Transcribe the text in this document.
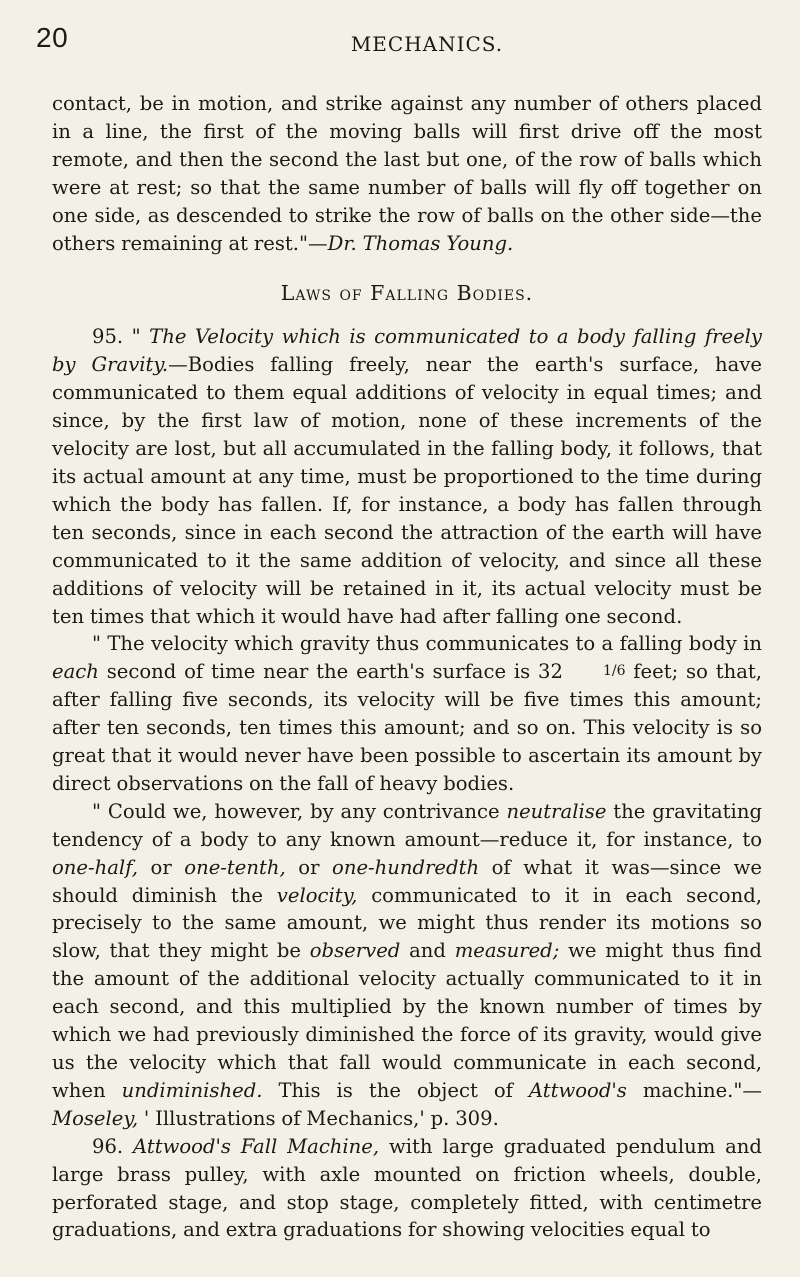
20	MECHANICS.

contact, be in motion, and strike against any number of others placed in a line, the first of the moving balls will first drive off the most remote, and then the second the last but one, of the row of balls which were at rest; so that the same number of balls will fly off together on one side, as descended to strike the row of balls on the other side—the others remaining at rest."—Dr. Thomas Young.

Laws of Falling Bodies.

95. " The Velocity which is communicated to a body falling freely by Gravity.—Bodies falling freely, near the earth's surface, have communicated to them equal additions of velocity in equal times; and since, by the first law of motion, none of these increments of the velocity are lost, but all accumulated in the falling body, it follows, that its actual amount at any time, must be proportioned to the time during which the body has fallen. If, for instance, a body has fallen through ten seconds, since in each second the attraction of the earth will have communicated to it the same addition of velocity, and since all these additions of velocity will be retained in it, its actual velocity must be ten times that which it would have had after falling one second.

" The velocity which gravity thus communicates to a falling body in each second of time near the earth's surface is 32	1/6 feet; so that, after falling five seconds, its velocity will be five times this amount; after ten seconds, ten times this amount; and so on. This velocity is so great that it would never have been possible to ascertain its amount by direct observations on the fall of heavy bodies.

" Could we, however, by any contrivance neutralise the gravitating tendency of a body to any known amount—reduce it, for instance, to one-half, or one-tenth, or one-hundredth of what it was—since we should diminish the velocity, communicated to it in each second, precisely to the same amount, we might thus render its motions so slow, that they might be observed and measured; we might thus find the amount of the additional velocity actually communicated to it in each second, and this multiplied by the known number of times by which we had previously diminished the force of its gravity, would give us the velocity which that fall would communicate in each second, when undiminished. This is the object of Attwood's machine."—Moseley, ' Illustrations of Mechanics,' p. 309.

96. Attwood's Fall Machine, with large graduated pendulum and large brass pulley, with axle mounted on friction wheels, double, perforated stage, and stop stage, completely fitted, with centimetre graduations, and extra graduations for showing velocities equal to
